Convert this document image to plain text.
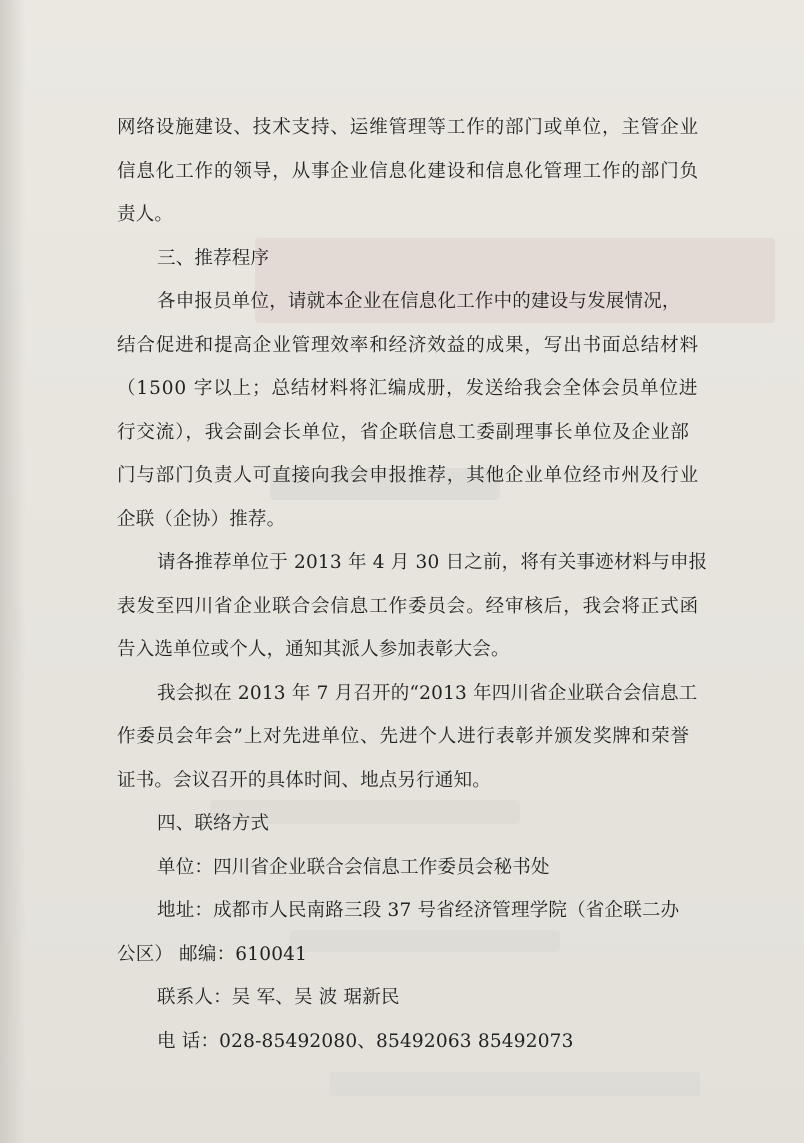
网络设施建设、技术支持、运维管理等工作的部门或单位，主管企业

信息化工作的领导，从事企业信息化建设和信息化管理工作的部门负

责人。

三、推荐程序

各申报员单位，请就本企业在信息化工作中的建设与发展情况，

结合促进和提高企业管理效率和经济效益的成果，写出书面总结材料

（1500 字以上；总结材料将汇编成册，发送给我会全体会员单位进

行交流），我会副会长单位，省企联信息工委副理事长单位及企业部

门与部门负责人可直接向我会申报推荐，其他企业单位经市州及行业

企联（企协）推荐。

请各推荐单位于 2013 年 4 月 30 日之前，将有关事迹材料与申报

表发至四川省企业联合会信息工作委员会。经审核后，我会将正式函

告入选单位或个人，通知其派人参加表彰大会。

我会拟在 2013 年 7 月召开的“2013 年四川省企业联合会信息工

作委员会年会”上对先进单位、先进个人进行表彰并颁发奖牌和荣誉

证书。会议召开的具体时间、地点另行通知。

四、联络方式

单位：四川省企业联合会信息工作委员会秘书处

地址：成都市人民南路三段 37 号省经济管理学院（省企联二办

公区） 邮编：610041

联系人：吴 军、吴 波 琚新民

电 话：028-85492080、85492063 85492073
